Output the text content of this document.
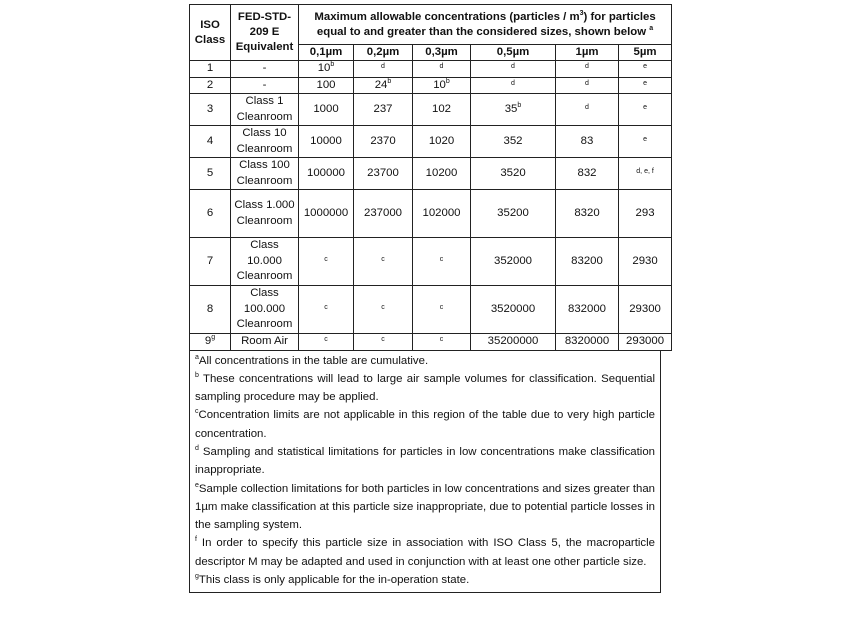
ISO Class	FED-STD-209 E Equivalent	Maximum allowable concentrations (particles / $m^3$) for particles equal to and greater than the considered sizes, shown below $^a$
		0,1µm	0,2µm	0,3µm	0,5µm	1µm	5µm
1	-	10$^b$	$^d$	$^d$	$^d$	$^d$	$^e$
2	-	100	24$^b$	10$^b$	$^d$	$^d$	$^e$
3	Class 1 Cleanroom	1000	237	102	35$^b$	$^d$	$^e$
4	Class 10 Cleanroom	10000	2370	1020	352	83	$^e$
5	Class 100 Cleanroom	100000	23700	10200	3520	832	$^{d, e, f}$
6	Class 1.000 Cleanroom	1000000	237000	102000	35200	8320	293
7	Class 10.000 Cleanroom	$^c$	$^c$	$^c$	352000	83200	2930
8	Class 100.000 Cleanroom	$^c$	$^c$	$^c$	3520000	832000	29300
9$^g$	Room Air	$^c$	$^c$	$^c$	35200000	8320000	293000

$^a$All concentrations in the table are cumulative.

$^b$ These concentrations will lead to large air sample volumes for classification. Sequential sampling procedure may be applied.

$^c$Concentration limits are not applicable in this region of the table due to very high particle concentration.

$^d$ Sampling and statistical limitations for particles in low concentrations make classification inappropriate.

$^e$Sample collection limitations for both particles in low concentrations and sizes greater than 1µm make classification at this particle size inappropriate, due to potential particle losses in the sampling system.

$^f$ In order to specify this particle size in association with ISO Class 5, the macroparticle descriptor M may be adapted and used in conjunction with at least one other particle size.

$^g$This class is only applicable for the in-operation state.
